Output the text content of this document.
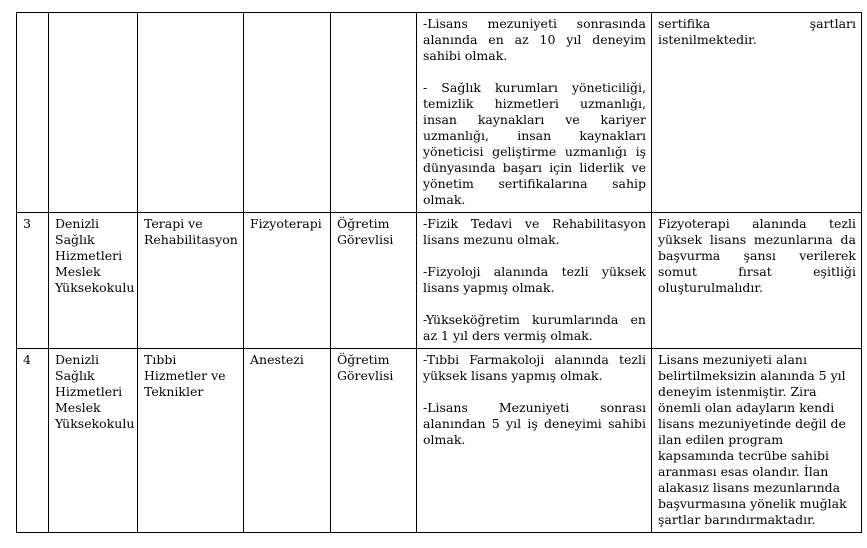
					-Lisans mezuniyeti sonrasında alanında en az 10 yıl deneyim sahibi olmak.

- Sağlık kurumları yöneticiliği, temizlik hizmetleri uzmanlığı, insan kaynakları ve kariyer uzmanlığı, insan kaynakları yöneticisi geliştirme uzmanlığı iş dünyasında başarı için liderlik ve yönetim sertifikalarına sahip olmak.	sertifika şartları istenilmektedir.
3	Denizli Sağlık Hizmetleri Meslek Yüksekokulu	Terapi ve Rehabilitasyon	Fizyoterapi	Öğretim Görevlisi	-Fizik Tedavi ve Rehabilitasyon lisans mezunu olmak.

-Fizyoloji alanında tezli yüksek lisans yapmış olmak.

-Yükseköğretim kurumlarında en az 1 yıl ders vermiş olmak.	Fizyoterapi alanında tezli yüksek lisans mezunlarına da başvurma şansı verilerek somut fırsat eşitliği oluşturulmalıdır.
4	Denizli Sağlık Hizmetleri Meslek Yüksekokulu	Tıbbi Hizmetler ve Teknikler	Anestezi	Öğretim Görevlisi	-Tıbbi Farmakoloji alanında tezli yüksek lisans yapmış olmak.

-Lisans Mezuniyeti sonrası alanından 5 yıl iş deneyimi sahibi olmak.	Lisans mezuniyeti alanı belirtilmeksizin alanında 5 yıl deneyim istenmiştir. Zira önemli olan adayların kendi lisans mezuniyetinde değil de ilan edilen program kapsamında tecrübe sahibi aranması esas olandır. İlan alakasız lisans mezunlarında başvurmasına yönelik muğlak şartlar barındırmaktadır.
